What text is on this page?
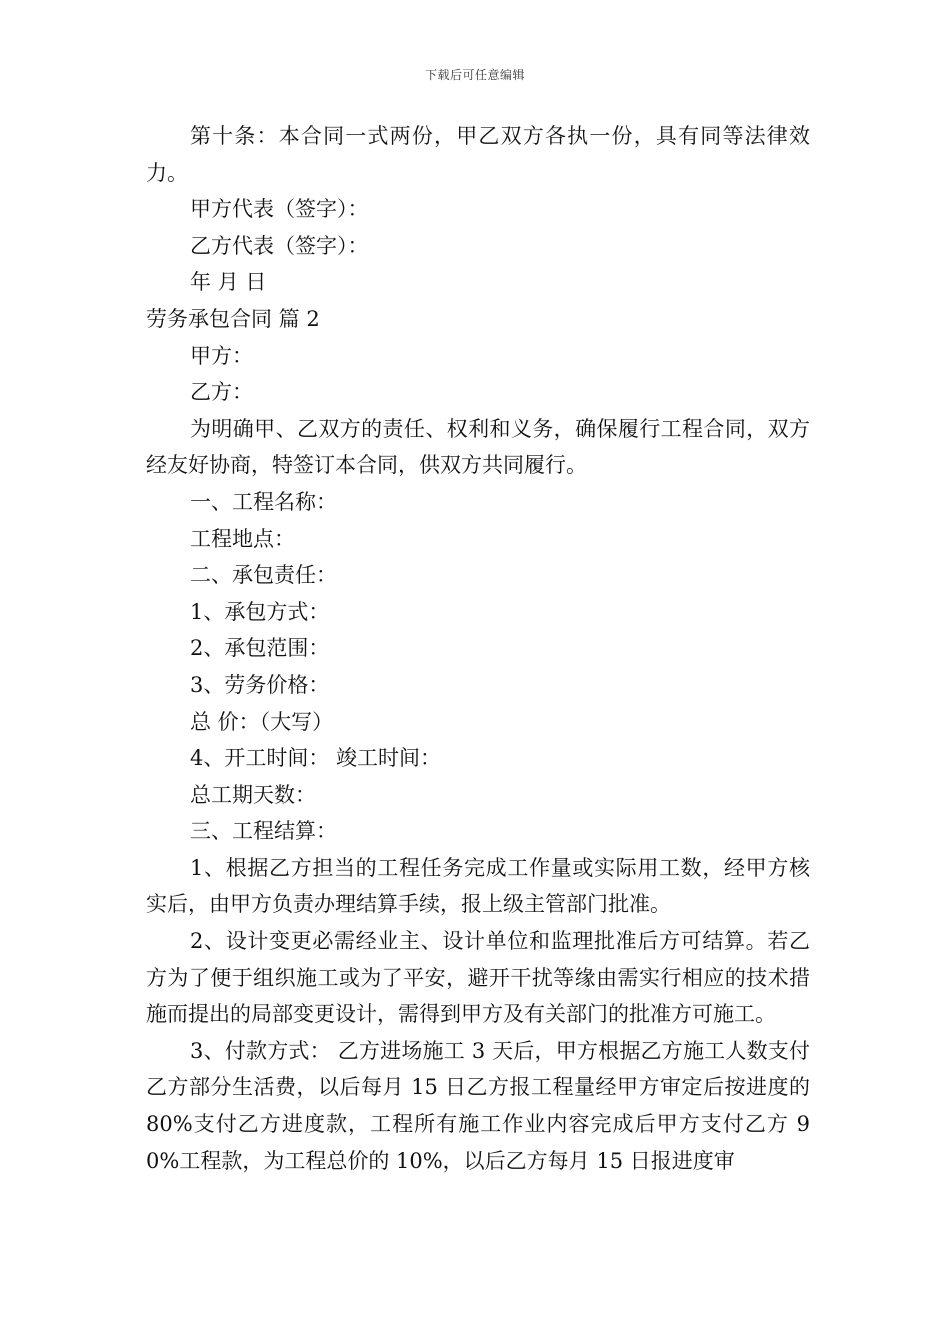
下载后可任意编辑

第十条：本合同一式两份，甲乙双方各执一份，具有同等法律效力。

甲方代表（签字）：

乙方代表（签字）：

年 月 日

劳务承包合同 篇 2

甲方：

乙方：

为明确甲、乙双方的责任、权利和义务，确保履行工程合同，双方经友好协商，特签订本合同，供双方共同履行。

一、工程名称：

工程地点：

二、承包责任：

1、承包方式：

2、承包范围：

3、劳务价格：

总 价：（大写）

4、开工时间： 竣工时间：

总工期天数：

三、工程结算：

1、根据乙方担当的工程任务完成工作量或实际用工数，经甲方核实后，由甲方负责办理结算手续，报上级主管部门批准。

2、设计变更必需经业主、设计单位和监理批准后方可结算。若乙方为了便于组织施工或为了平安，避开干扰等缘由需实行相应的技术措施而提出的局部变更设计，需得到甲方及有关部门的批准方可施工。

3、付款方式： 乙方进场施工 3 天后，甲方根据乙方施工人数支付乙方部分生活费，以后每月 15 日乙方报工程量经甲方审定后按进度的 80%支付乙方进度款，工程所有施工作业内容完成后甲方支付乙方 90%工程款，为工程总价的 10%，以后乙方每月 15 日报进度审
